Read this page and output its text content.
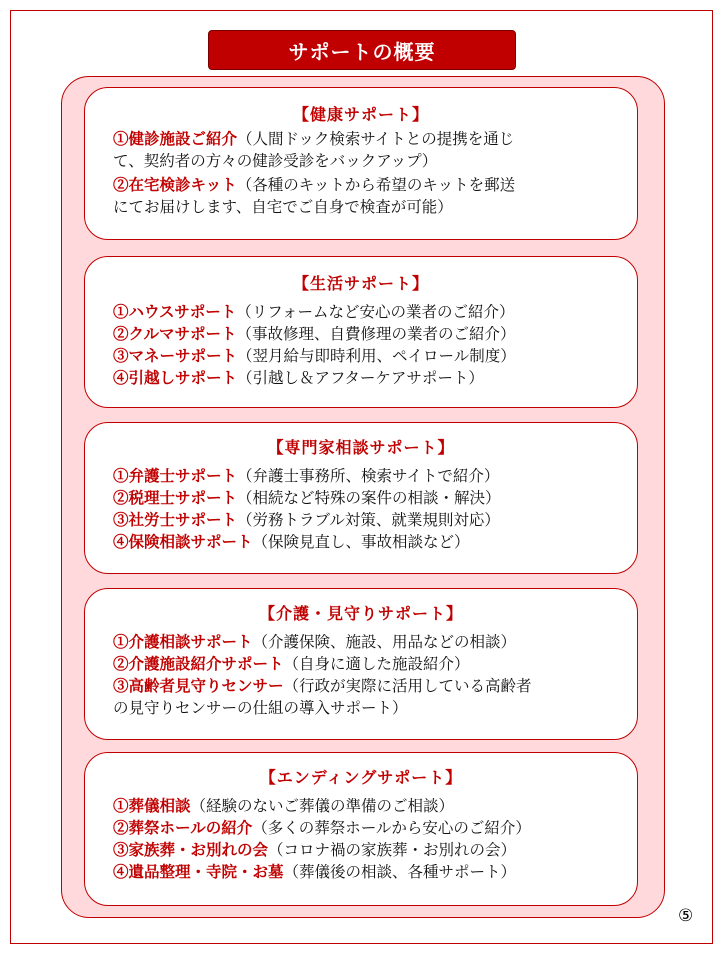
サポートの概要
【健康サポート】
①健診施設ご紹介（人間ドック検索サイトとの提携を通じ
て、契約者の方々の健診受診をバックアップ）
②在宅検診キット（各種のキットから希望のキットを郵送
にてお届けします、自宅でご自身で検査が可能）
【生活サポート】
①ハウスサポート（リフォームなど安心の業者のご紹介）
②クルマサポート（事故修理、自費修理の業者のご紹介）
③マネーサポート（翌月給与即時利用、ペイロール制度）
④引越しサポート（引越し＆アフターケアサポート）
【専門家相談サポート】
①弁護士サポート（弁護士事務所、検索サイトで紹介）
②税理士サポート（相続など特殊の案件の相談・解決）
③社労士サポート（労務トラブル対策、就業規則対応）
④保険相談サポート（保険見直し、事故相談など）
【介護・見守りサポート】
①介護相談サポート（介護保険、施設、用品などの相談）
②介護施設紹介サポート（自身に適した施設紹介）
③高齢者見守りセンサー（行政が実際に活用している高齢者
の見守りセンサーの仕組の導入サポート）
【エンディングサポート】
①葬儀相談（経験のないご葬儀の準備のご相談）
②葬祭ホールの紹介（多くの葬祭ホールから安心のご紹介）
③家族葬・お別れの会（コロナ禍の家族葬・お別れの会）
④遺品整理・寺院・お墓（葬儀後の相談、各種サポート）
⑤
